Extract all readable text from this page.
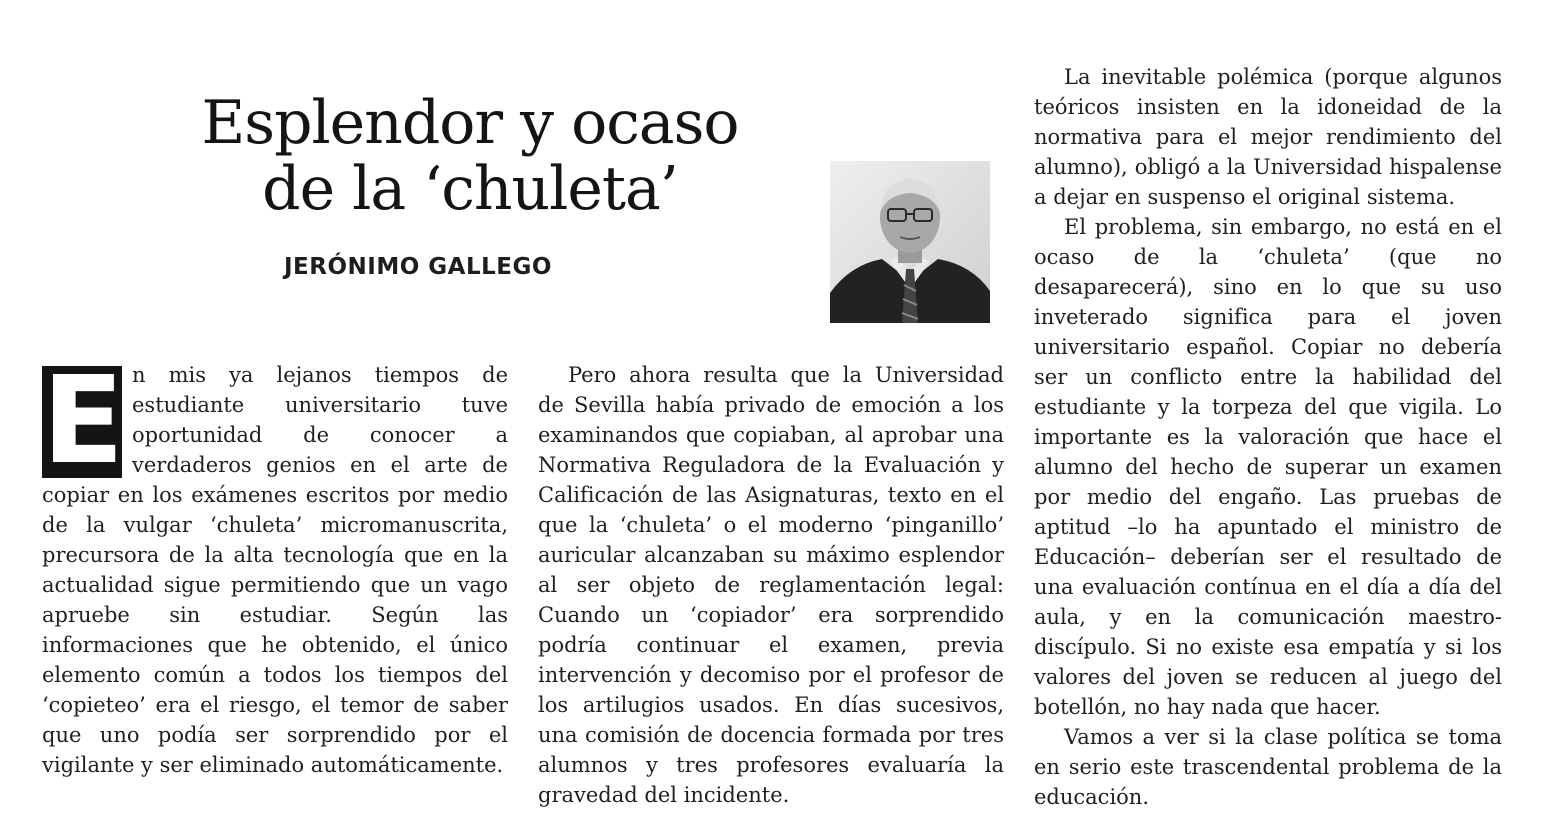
Esplendor y ocaso
de la ‘chuleta’
JERÓNIMO GALLEGO
E n mis ya lejanos tiempos de estudiante universitario tuve oportunidad de conocer a verdaderos genios en el arte de copiar en los exámenes escritos por medio de la vulgar ‘chuleta’ micromanuscrita, precursora de la alta tecnología que en la actualidad sigue permitiendo que un vago apruebe sin estudiar. Según las informaciones que he obtenido, el único elemento común a todos los tiempos del ‘copieteo’ era el riesgo, el temor de saber que uno podía ser sorprendido por el vigilante y ser eliminado automáticamente.

Pero ahora resulta que la Universidad de Sevilla había privado de emoción a los examinandos que copiaban, al aprobar una Normativa Reguladora de la Evaluación y Calificación de las Asignaturas, texto en el que la ‘chuleta’ o el moderno ‘pinganillo’ auricular alcanzaban su máximo esplendor al ser objeto de reglamentación legal: Cuando un ‘copiador’ era sorprendido podría continuar el examen, previa intervención y decomiso por el profesor de los artilugios usados. En días sucesivos, una comisión de docencia formada por tres alumnos y tres profesores evaluaría la gravedad del incidente.

La inevitable polémica (porque algunos teóricos insisten en la idoneidad de la normativa para el mejor rendimiento del alumno), obligó a la Universidad hispalense a dejar en suspenso el original sistema.

El problema, sin embargo, no está en el ocaso de la ‘chuleta’ (que no desaparecerá), sino en lo que su uso inveterado significa para el joven universitario español. Copiar no debería ser un conflicto entre la habilidad del estudiante y la torpeza del que vigila. Lo importante es la valoración que hace el alumno del hecho de superar un examen por medio del engaño. Las pruebas de aptitud –lo ha apuntado el ministro de Educación– deberían ser el resultado de una evaluación contínua en el día a día del aula, y en la comunicación maestro-discípulo. Si no existe esa empatía y si los valores del joven se reducen al juego del botellón, no hay nada que hacer.

Vamos a ver si la clase política se toma en serio este trascendental problema de la educación.
